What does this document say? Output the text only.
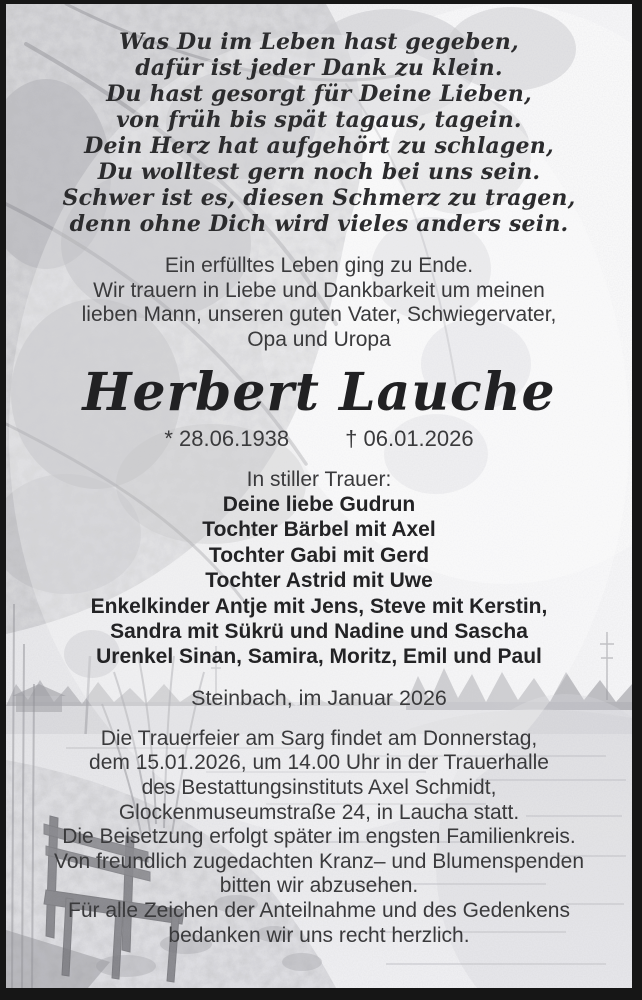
Was Du im Leben hast gegeben,
dafür ist jeder Dank zu klein.
Du hast gesorgt für Deine Lieben,
von früh bis spät tagaus, tagein.
Dein Herz hat aufgehört zu schlagen,
Du wolltest gern noch bei uns sein.
Schwer ist es, diesen Schmerz zu tragen,
denn ohne Dich wird vieles anders sein.
Ein erfülltes Leben ging zu Ende.
Wir trauern in Liebe und Dankbarkeit um meinen
lieben Mann, unseren guten Vater, Schwiegervater,
Opa und Uropa
Herbert Lauche
* 28.06.1938	† 06.01.2026
In stiller Trauer:
Deine liebe Gudrun
Tochter Bärbel mit Axel
Tochter Gabi mit Gerd
Tochter Astrid mit Uwe
Enkelkinder Antje mit Jens, Steve mit Kerstin,
Sandra mit Sükrü und Nadine und Sascha
Urenkel Sinan, Samira, Moritz, Emil und Paul
Steinbach, im Januar 2026
Die Trauerfeier am Sarg findet am Donnerstag,
dem 15.01.2026, um 14.00 Uhr in der Trauerhalle
des Bestattungsinstituts Axel Schmidt,
Glockenmuseumstraße 24, in Laucha statt.
Die Beisetzung erfolgt später im engsten Familienkreis.
Von freundlich zugedachten Kranz– und Blumenspenden
bitten wir abzusehen.
Für alle Zeichen der Anteilnahme und des Gedenkens
bedanken wir uns recht herzlich.
